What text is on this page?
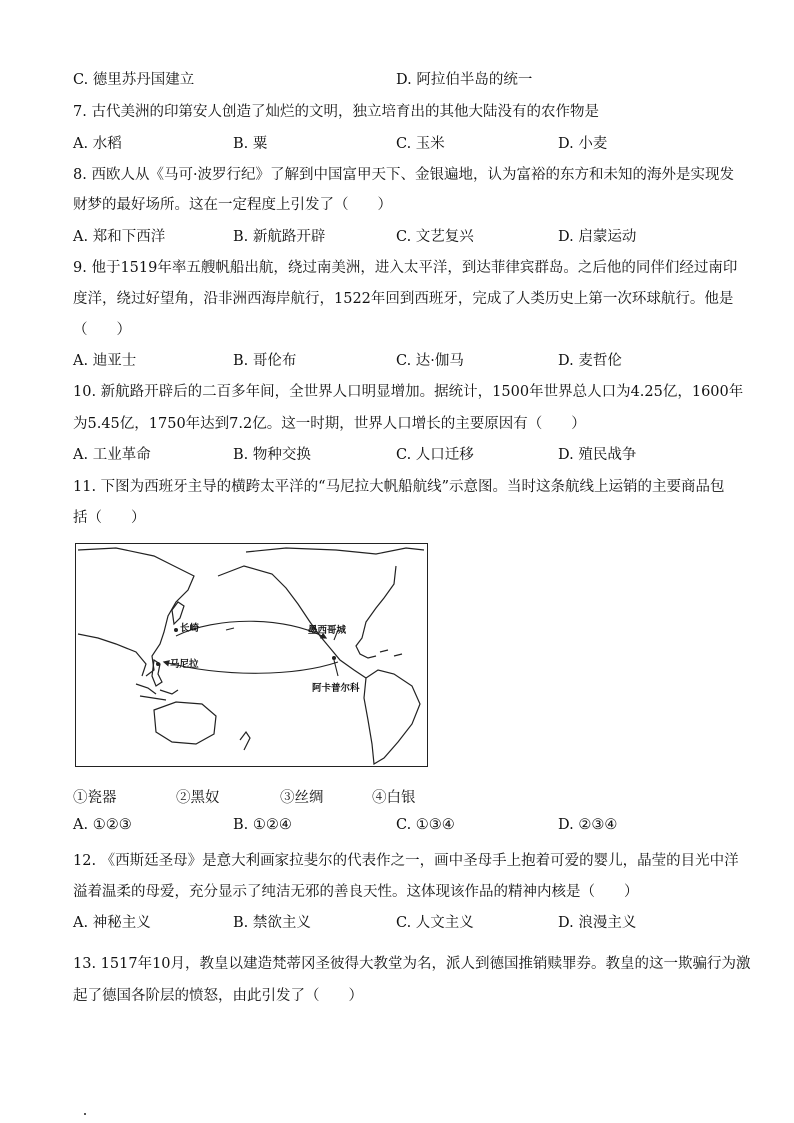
C. 德里苏丹国建立	D. 阿拉伯半岛的统一
7. 古代美洲的印第安人创造了灿烂的文明，独立培育出的其他大陆没有的农作物是
A. 水稻	B. 粟	C. 玉米	D. 小麦
8. 西欧人从《马可·波罗行纪》了解到中国富甲天下、金银遍地，认为富裕的东方和未知的海外是实现发
财梦的最好场所。这在一定程度上引发了（　　）
A. 郑和下西洋	B. 新航路开辟	C. 文艺复兴	D. 启蒙运动
9. 他于1519年率五艘帆船出航，绕过南美洲，进入太平洋，到达菲律宾群岛。之后他的同伴们经过南印
度洋，绕过好望角，沿非洲西海岸航行，1522年回到西班牙，完成了人类历史上第一次环球航行。他是
（　　）
A. 迪亚士	B. 哥伦布	C. 达·伽马	D. 麦哲伦
10. 新航路开辟后的二百多年间，全世界人口明显增加。据统计，1500年世界总人口为4.25亿，1600年
为5.45亿，1750年达到7.2亿。这一时期，世界人口增长的主要原因有（　　）
A. 工业革命	B. 物种交换	C. 人口迁移	D. 殖民战争
11. 下图为西班牙主导的横跨太平洋的“马尼拉大帆船航线”示意图。当时这条航线上运销的主要商品包
括（　　）
长崎
马尼拉
墨西哥城
阿卡普尔科
①瓷器	②黑奴	③丝绸	④白银
A. ①②③	B. ①②④	C. ①③④	D. ②③④
12. 《西斯廷圣母》是意大利画家拉斐尔的代表作之一，画中圣母手上抱着可爱的婴儿，晶莹的目光中洋
溢着温柔的母爱，充分显示了纯洁无邪的善良天性。这体现该作品的精神内核是（　　）
A. 神秘主义	B. 禁欲主义	C. 人文主义	D. 浪漫主义
13. 1517年10月，教皇以建造梵蒂冈圣彼得大教堂为名，派人到德国推销赎罪券。教皇的这一欺骗行为激
起了德国各阶层的愤怒，由此引发了（　　）
